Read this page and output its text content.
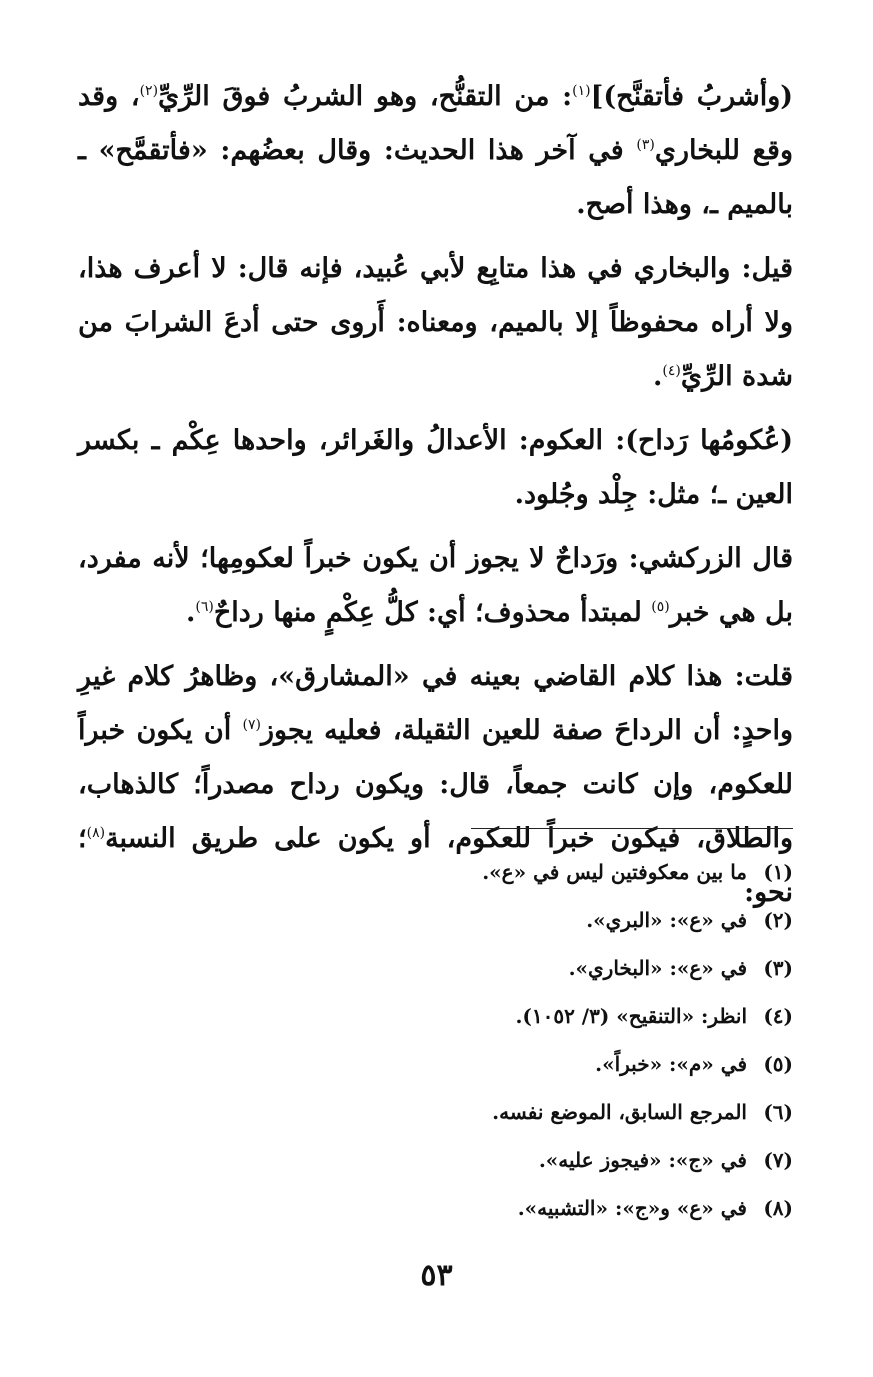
(وأشربُ فأتقنَّح)]$^{(١)}$: من التقنُّح، وهو الشربُ فوقَ الرِّيِّ$^{(٢)}$، وقد وقع للبخاري$^{(٣)}$ في آخر هذا الحديث: وقال بعضُهم: «فأتقمَّح» ـ بالميم ـ، وهذا أصح.

قيل: والبخاري في هذا متابِع لأبي عُبيد، فإنه قال: لا أعرف هذا، ولا أراه محفوظاً إلا بالميم، ومعناه: أَروى حتى أدعَ الشرابَ من شدة الرِّيِّ$^{(٤)}$.

(عُكومُها رَداح): العكوم: الأعدالُ والغَرائر، واحدها عِكْم ـ بكسر العين ـ؛ مثل: جِلْد وجُلود.

قال الزركشي: ورَداحٌ لا يجوز أن يكون خبراً لعكومِها؛ لأنه مفرد، بل هي خبر$^{(٥)}$ لمبتدأ محذوف؛ أي: كلُّ عِكْمٍ منها رداحٌ$^{(٦)}$.

قلت: هذا كلام القاضي بعينه في «المشارق»، وظاهرُ كلام غيرِ واحدٍ: أن الرداحَ صفة للعين الثقيلة، فعليه يجوز$^{(٧)}$ أن يكون خبراً للعكوم، وإن كانت جمعاً، قال: ويكون رداح مصدراً؛ كالذهاب، والطلاق، فيكون خبراً للعكوم، أو يكون على طريق النسبة$^{(٨)}$؛ نحو:

(١)
ما بين معكوفتين ليس في «ع».
(٢)
في «ع»: «البري».
(٣)
في «ع»: «البخاري».
(٤)
انظر: «التنقيح» (٣/ ١٠٥٢).
(٥)
في «م»: «خبراً».
(٦)
المرجع السابق، الموضع نفسه.
(٧)
في «ج»: «فيجوز عليه».
(٨)
في «ع» و«ج»: «التشبيه».
٥٣
